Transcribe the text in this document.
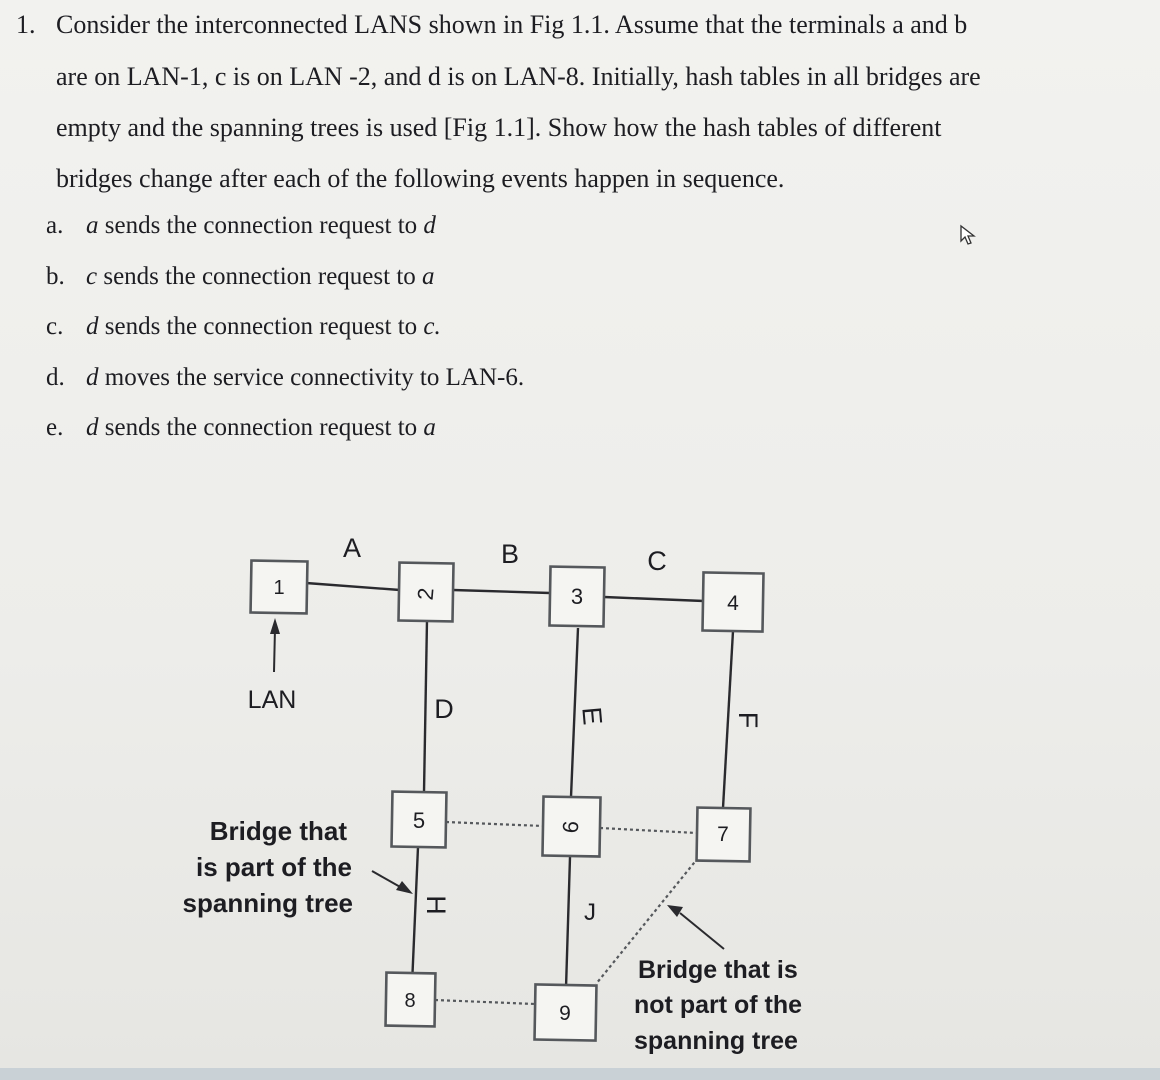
1. Consider the interconnected LANS shown in Fig 1.1. Assume that the terminals a and b
are on LAN-1, c is on LAN -2, and d is on LAN-8. Initially, hash tables in all bridges are
empty and the spanning trees is used [Fig 1.1]. Show how the hash tables of different
bridges change after each of the following events happen in sequence.
a. a sends the connection request to d
b. c sends the connection request to a
c. d sends the connection request to c.
d. d moves the service connectivity to LAN-6.
e. d sends the connection request to a
1	2	3	4
5	6	7
8
9
A	B	C
D	E	F
H	J
LAN
Bridge that
is part of the
spanning tree
Bridge that is
not part of the
spanning tree
